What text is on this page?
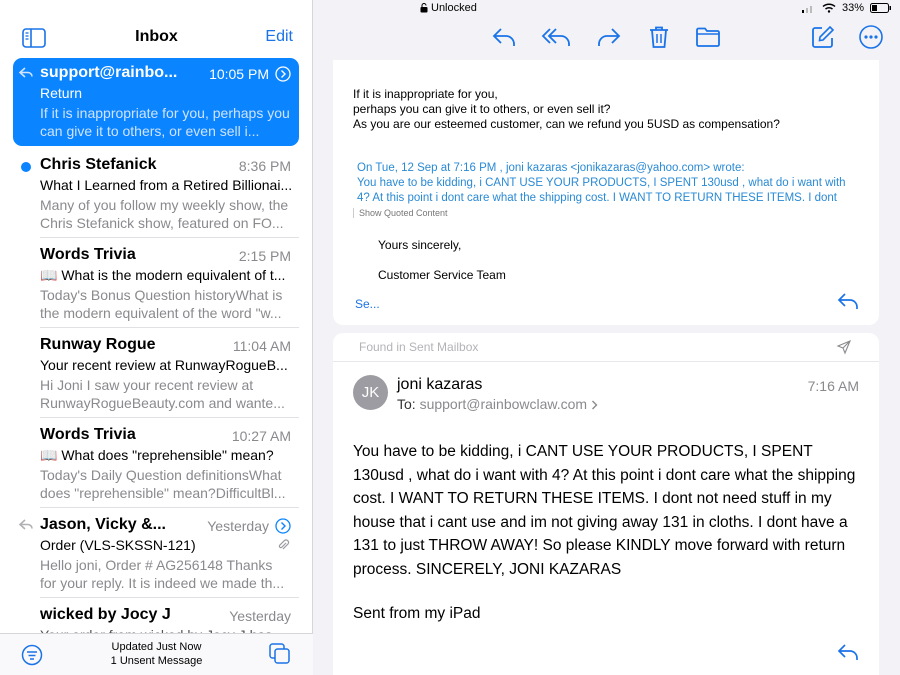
Unlocked	33%
Inbox	Edit
support@rainbo...	10:05 PM
Return
If it is inappropriate for you, perhaps you can give it to others, or even sell i...
Chris Stefanick	8:36 PM
What I Learned from a Retired Billionai...
Many of you follow my weekly show, the Chris Stefanick show, featured on FO...
Words Trivia	2:15 PM
📖 What is the modern equivalent of t...
Today's Bonus Question historyWhat is the modern equivalent of the word "w...
Runway Rogue	11:04 AM
Your recent review at RunwayRogueB...
Hi Joni I saw your recent review at RunwayRogueBeauty.com and wante...
Words Trivia	10:27 AM
📖 What does "reprehensible" mean?
Today's Daily Question definitionsWhat does "reprehensible" mean?DifficultBl...
Jason, Vicky &...	Yesterday
Order (VLS-SKSSN-121)
Hello joni, Order # AG256148 Thanks for your reply. It is indeed we made th...
wicked by Jocy J	Yesterday
Updated Just Now
1 Unsent Message
If it is inappropriate for you,
perhaps you can give it to others, or even sell it?
As you are our esteemed customer, can we refund you 5USD as compensation?
On Tue, 12 Sep at 7:16 PM , joni kazaras <jonikazaras@yahoo.com> wrote:
You have to be kidding, i CANT USE YOUR PRODUCTS, I SPENT 130usd , what do i want with
4? At this point i dont care what the shipping cost. I WANT TO RETURN THESE ITEMS. I dont
Show Quoted Content
Yours sincerely,
Customer Service Team
Se...
Found in Sent Mailbox
JK	joni kazaras	7:16 AM
To: support@rainbowclaw.com
You have to be kidding, i CANT USE YOUR PRODUCTS, I SPENT 130usd , what do i want with 4? At this point i dont care what the shipping cost. I WANT TO RETURN THESE ITEMS. I dont not need stuff in my house that i cant use and im not giving away 131 in cloths. I dont have a 131 to just THROW AWAY! So please KINDLY move forward with return process. SINCERELY, JONI KAZARAS
Sent from my iPad
